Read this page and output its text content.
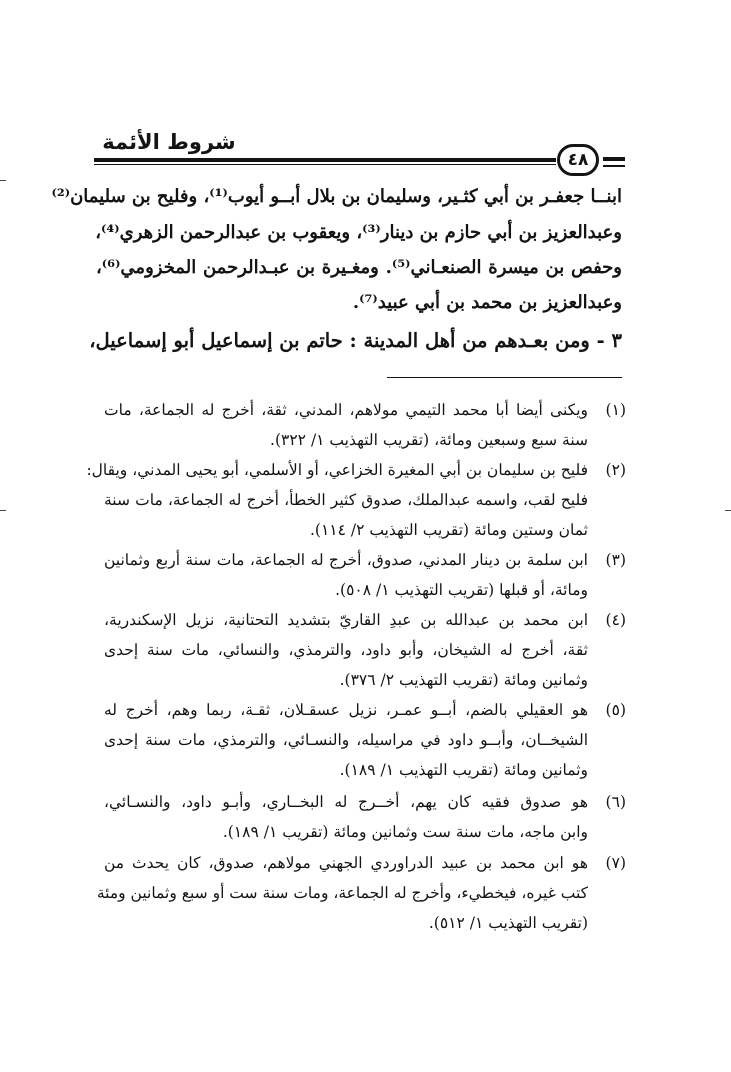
شروط الأئمة
٤٨
ابنــا جعفـر بن أبي كثـير، وسليمان بن بلال أبــو أيوب⁽¹⁾، وفليح بن سليمان⁽²⁾
وعبدالعزيز بن أبي حازم بن دينار⁽³⁾، ويعقوب بن عبدالرحمن الزهري⁽⁴⁾،
وحفص بن ميسرة الصنعـاني⁽⁵⁾. ومغـيرة بن عبـدالرحمن المخزومي⁽⁶⁾،
وعبدالعزيز بن محمد بن أبي عبيد⁽⁷⁾.
٣ - ومن بعـدهم من أهل المدينة : حاتم بن إسماعيل أبو إسماعيل،
(١)
ويكنى أيضا أبا محمد التيمي مولاهم، المدني، ثقة، أخرج له الجماعة، مات
سنة سبع وسبعين ومائة، (تقريب التهذيب ١/ ٣٢٢).
(٢)
فليح بن سليمان بن أبي المغيرة الخزاعي، أو الأسلمي، أبو يحيى المدني، ويقال:
فليح لقب، واسمه عبدالملك، صدوق كثير الخطأ، أخرج له الجماعة، مات سنة
ثمان وستين ومائة (تقريب التهذيب ٢/ ١١٤).
(٣)
ابن سلمة بن دينار المدني، صدوق، أخرج له الجماعة، مات سنة أربع وثمانين
ومائة، أو قبلها (تقريب التهذيب ١/ ٥٠٨).
(٤)
ابن محمد بن عبدالله بن عبدِ القاريّ بتشديد التحتانية، نزيل الإسكندرية،
ثقة، أخرج له الشيخان، وأبو داود، والترمذي، والنسائي، مات سنة إحدى
وثمانين ومائة (تقريب التهذيب ٢/ ٣٧٦).
(٥)
هو العقيلي بالضم، أبــو عمـر، نزيل عسقـلان، ثقـة، ربما وهم، أخرج له
الشيخــان، وأبــو داود في مراسيله، والنسـائي، والترمذي، مات سنة إحدى
وثمانين ومائة (تقريب التهذيب ١/ ١٨٩).
(٦)
هو صدوق فقيه كان يهم، أخــرج له البخــاري، وأبـو داود، والنسـائي،
وابن ماجه، مات سنة ست وثمانين ومائة (تقريب ١/ ١٨٩).
(٧)
هو ابن محمد بن عبيد الدراوردي الجهني مولاهم، صدوق، كان يحدث من
كتب غيره، فيخطيء، وأخرج له الجماعة، ومات سنة ست أو سبع وثمانين ومئة
(تقريب التهذيب ١/ ٥١٢).
